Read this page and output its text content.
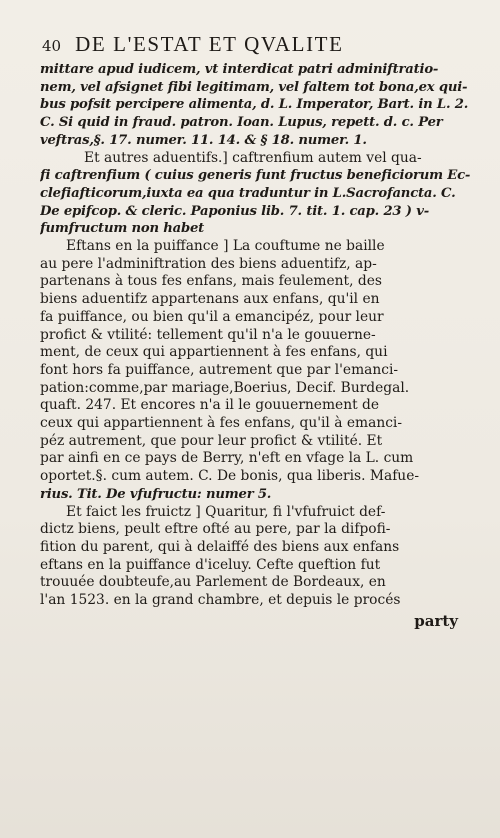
40 DE L'ESTAT ET QVALITE
mittare apud iudicem, vt interdicat patri adminiftratio-
nem, vel afsignet fibi legitimam, vel faltem tot bona,ex qui-
bus pofsit percipere alimenta, d. L. Imperator, Bart. in L. 2.
C. Si quid in fraud. patron. Ioan. Lupus, repett. d. c. Per
veftras,§. 17. numer. 11. 14. & § 18. numer. 1.
Et autres aduentifs.] caftrenfium autem vel qua-
fi caftrenfium ( cuius generis funt fructus beneficiorum Ec-
clefiafticorum,iuxta ea qua traduntur in L.Sacrofancta. C.
De epifcop. & cleric. Paponius lib. 7. tit. 1. cap. 23 ) v-
fumfructum non habet
Eftans en la puiffance ] La couftume ne baille
au pere l'adminiftration des biens aduentifz, ap-
partenans à tous fes enfans, mais feulement, des
biens aduentifz appartenans aux enfans, qu'il en
fa puiffance, ou bien qu'il a emancipéz, pour leur
profict & vtilité: tellement qu'il n'a le gouuerne-
ment, de ceux qui appartiennent à fes enfans, qui
font hors fa puiffance, autrement que par l'emanci-
pation:comme,par mariage,Boerius, Decif. Burdegal.
quaft. 247. Et encores n'a il le gouuernement de
ceux qui appartiennent à fes enfans, qu'il à emanci-
péz autrement, que pour leur profict & vtilité. Et
par ainfi en ce pays de Berry, n'eft en vfage la L. cum
oportet.§. cum autem. C. De bonis, qua liberis. Mafue-
rius. Tit. De vfufructu: numer 5.
Et faict les fruictz ] Quaritur, fi l'vfufruict def-
dictz biens, peult eftre ofté au pere, par la difpofi-
fition du parent, qui à delaiffé des biens aux enfans
eftans en la puiffance d'iceluy. Cefte queftion fut
trouuée doubteufe,au Parlement de Bordeaux, en
l'an 1523. en la grand chambre, et depuis le procés
party
